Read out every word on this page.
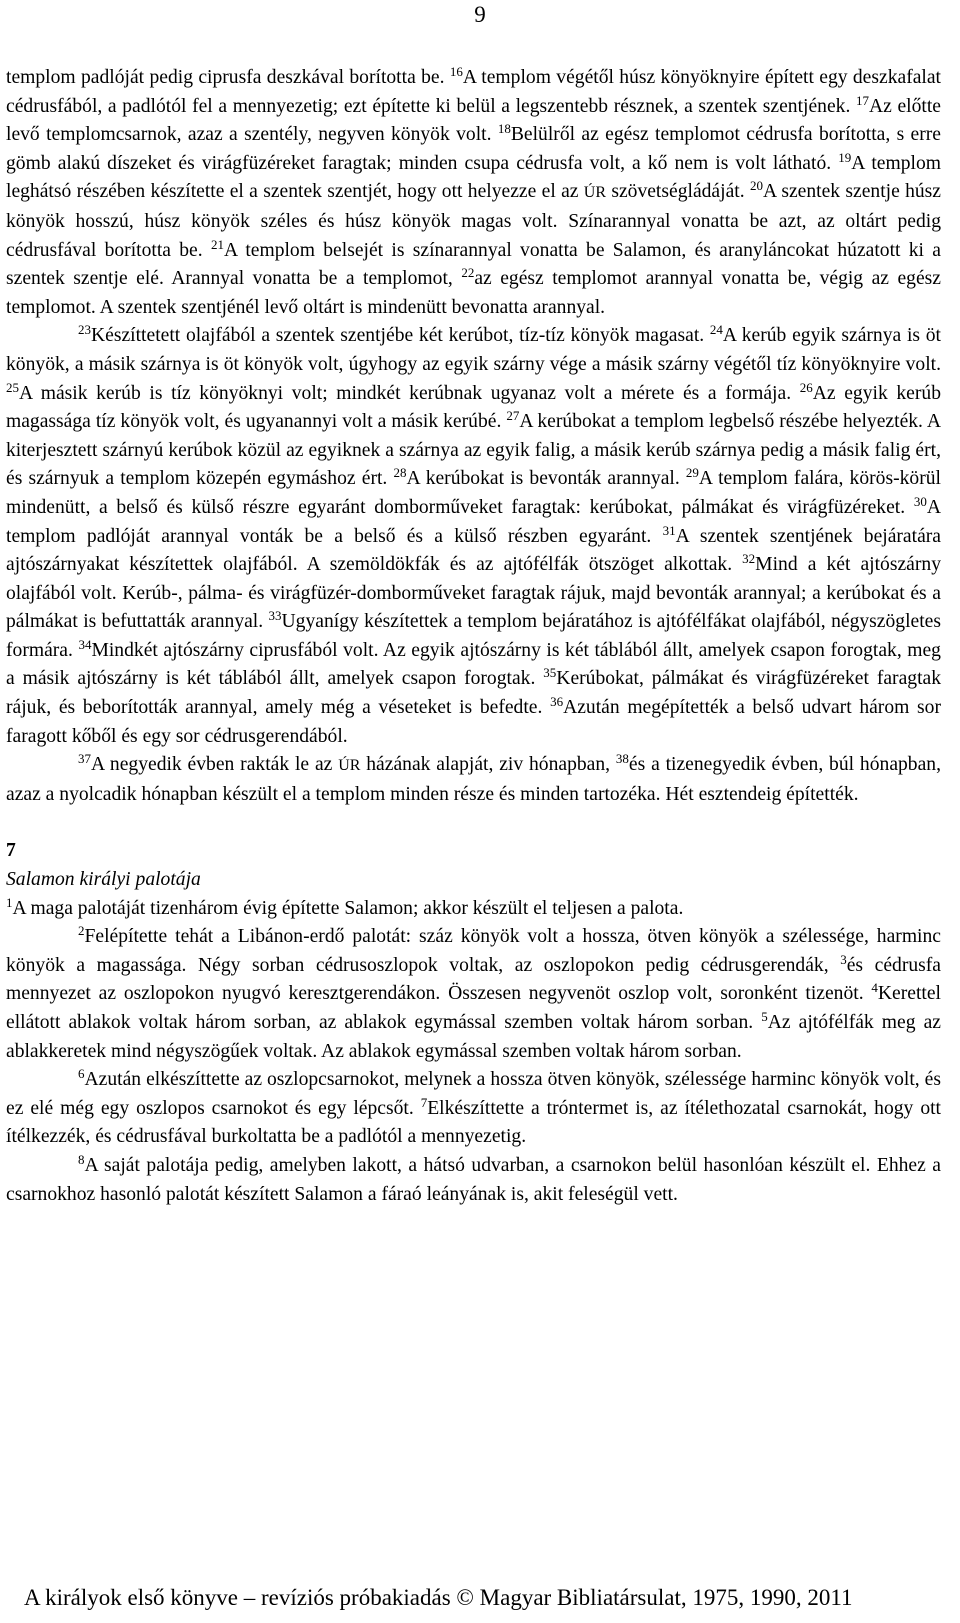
9

templom padlóját pedig ciprusfa deszkával borította be. $^{16}$A templom végétől húsz könyöknyire épített egy deszkafalat cédrusfából, a padlótól fel a mennyezetig; ezt építette ki belül a legszentebb résznek, a szentek szentjének. $^{17}$Az előtte levő templomcsarnok, azaz a szentély, negyven könyök volt. $^{18}$Belülről az egész templomot cédrusfa borította, s erre gömb alakú díszeket és virágfüzéreket faragtak; minden csupa cédrusfa volt, a kő nem is volt látható. $^{19}$A templom leghátsó részében készítette el a szentek szentjét, hogy ott helyezze el az ÚR szövetségládáját. $^{20}$A szentek szentje húsz könyök hosszú, húsz könyök széles és húsz könyök magas volt. Színarannyal vonatta be azt, az oltárt pedig cédrusfával borította be. $^{21}$A templom belsejét is színarannyal vonatta be Salamon, és aranyláncokat húzatott ki a szentek szentje elé. Arannyal vonatta be a templomot, $^{22}$az egész templomot arannyal vonatta be, végig az egész templomot. A szentek szentjénél levő oltárt is mindenütt bevonatta arannyal.

$^{23}$Készíttetett olajfából a szentek szentjébe két kerúbot, tíz-tíz könyök magasat. $^{24}$A kerúb egyik szárnya is öt könyök, a másik szárnya is öt könyök volt, úgyhogy az egyik szárny vége a másik szárny végétől tíz könyöknyire volt. $^{25}$A másik kerúb is tíz könyöknyi volt; mindkét kerúbnak ugyanaz volt a mérete és a formája. $^{26}$Az egyik kerúb magassága tíz könyök volt, és ugyanannyi volt a másik kerúbé. $^{27}$A kerúbokat a templom legbelső részébe helyezték. A kiterjesztett szárnyú kerúbok közül az egyiknek a szárnya az egyik falig, a másik kerúb szárnya pedig a másik falig ért, és szárnyuk a templom közepén egymáshoz ért. $^{28}$A kerúbokat is bevonták arannyal. $^{29}$A templom falára, körös-körül mindenütt, a belső és külső részre egyaránt domborműveket faragtak: kerúbokat, pálmákat és virágfüzéreket. $^{30}$A templom padlóját arannyal vonták be a belső és a külső részben egyaránt. $^{31}$A szentek szentjének bejáratára ajtószárnyakat készítettek olajfából. A szemöldökfák és az ajtófélfák ötszöget alkottak. $^{32}$Mind a két ajtószárny olajfából volt. Kerúb-, pálma- és virágfüzér-domborműveket faragtak rájuk, majd bevonták arannyal; a kerúbokat és a pálmákat is befuttatták arannyal. $^{33}$Ugyanígy készítettek a templom bejáratához is ajtófélfákat olajfából, négyszögletes formára. $^{34}$Mindkét ajtószárny ciprusfából volt. Az egyik ajtószárny is két táblából állt, amelyek csapon forogtak, meg a másik ajtószárny is két táblából állt, amelyek csapon forogtak. $^{35}$Kerúbokat, pálmákat és virágfüzéreket faragtak rájuk, és beborították arannyal, amely még a véseteket is befedte. $^{36}$Azután megépítették a belső udvart három sor faragott kőből és egy sor cédrusgerendából.

$^{37}$A negyedik évben rakták le az ÚR házának alapját, ziv hónapban, $^{38}$és a tizenegyedik évben, búl hónapban, azaz a nyolcadik hónapban készült el a templom minden része és minden tartozéka. Hét esztendeig építették.

7

Salamon királyi palotája

$^1$A maga palotáját tizenhárom évig építette Salamon; akkor készült el teljesen a palota.

$^2$Felépítette tehát a Libánon-erdő palotát: száz könyök volt a hossza, ötven könyök a szélessége, harminc könyök a magassága. Négy sorban cédrusoszlopok voltak, az oszlopokon pedig cédrusgerendák, $^3$és cédrusfa mennyezet az oszlopokon nyugvó keresztgerendákon. Összesen negyvenöt oszlop volt, soronként tizenöt. $^4$Kerettel ellátott ablakok voltak három sorban, az ablakok egymással szemben voltak három sorban. $^5$Az ajtófélfák meg az ablakkeretek mind négyszögűek voltak. Az ablakok egymással szemben voltak három sorban.

$^6$Azután elkészíttette az oszlopcsarnokot, melynek a hossza ötven könyök, szélessége harminc könyök volt, és ez elé még egy oszlopos csarnokot és egy lépcsőt. $^7$Elkészíttette a tróntermet is, az ítélethozatal csarnokát, hogy ott ítélkezzék, és cédrusfával burkoltatta be a padlótól a mennyezetig.

$^8$A saját palotája pedig, amelyben lakott, a hátsó udvarban, a csarnokon belül hasonlóan készült el. Ehhez a csarnokhoz hasonló palotát készített Salamon a fáraó leányának is, akit feleségül vett.

A királyok első könyve – revíziós próbakiadás © Magyar Bibliatársulat, 1975, 1990, 2011
